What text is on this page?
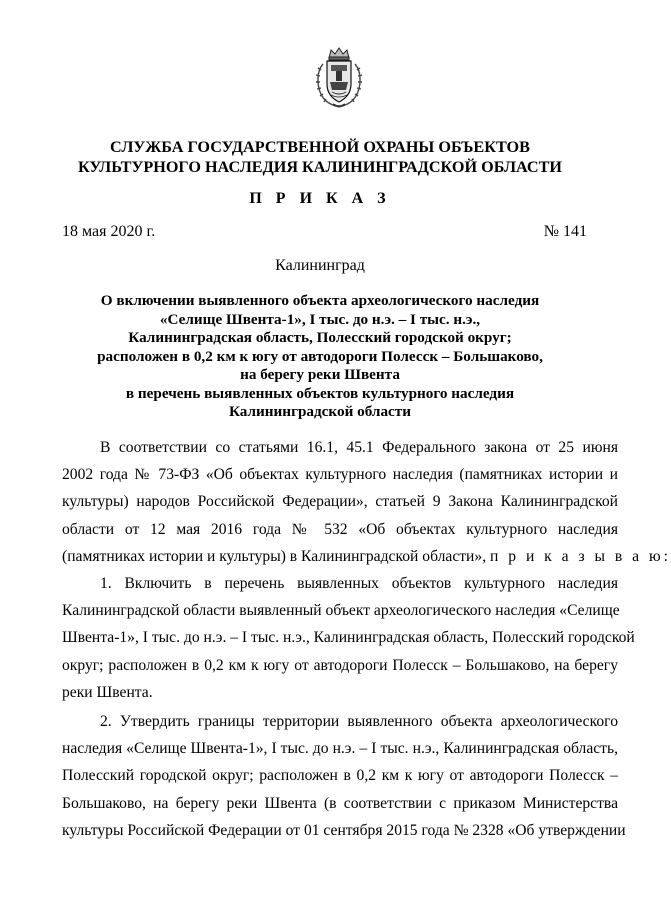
СЛУЖБА ГОСУДАРСТВЕННОЙ ОХРАНЫ ОБЪЕКТОВ
КУЛЬТУРНОГО НАСЛЕДИЯ КАЛИНИНГРАДСКОЙ ОБЛАСТИ
П Р И К А З
18 мая 2020 г.	№ 141
Калининград
О включении выявленного объекта археологического наследия
«Селище Швента-1», I тыс. до н.э. – I тыс. н.э.,
Калининградская область, Полесский городской округ;
расположен в 0,2 км к югу от автодороги Полесск – Большаково,
на берегу реки Швента
в перечень выявленных объектов культурного наследия
Калининградской области
В соответствии со статьями 16.1, 45.1 Федерального закона от 25 июня
2002 года № 73-ФЗ «Об объектах культурного наследия (памятниках истории и
культуры) народов Российской Федерации», статьей 9 Закона Калининградской
области от 12 мая 2016 года № 532 «Об объектах культурного наследия
(памятниках истории и культуры) в Калининградской области», п р и к а з ы в а ю:
1. Включить в перечень выявленных объектов культурного наследия
Калининградской области выявленный объект археологического наследия «Селище
Швента-1», I тыс. до н.э. – I тыс. н.э., Калининградская область, Полесский городской
округ; расположен в 0,2 км к югу от автодороги Полесск – Большаково, на берегу
реки Швента.
2. Утвердить границы территории выявленного объекта археологического
наследия «Селище Швента-1», I тыс. до н.э. – I тыс. н.э., Калининградская область,
Полесский городской округ; расположен в 0,2 км к югу от автодороги Полесск –
Большаково, на берегу реки Швента (в соответствии с приказом Министерства
культуры Российской Федерации от 01 сентября 2015 года № 2328 «Об утверждении
